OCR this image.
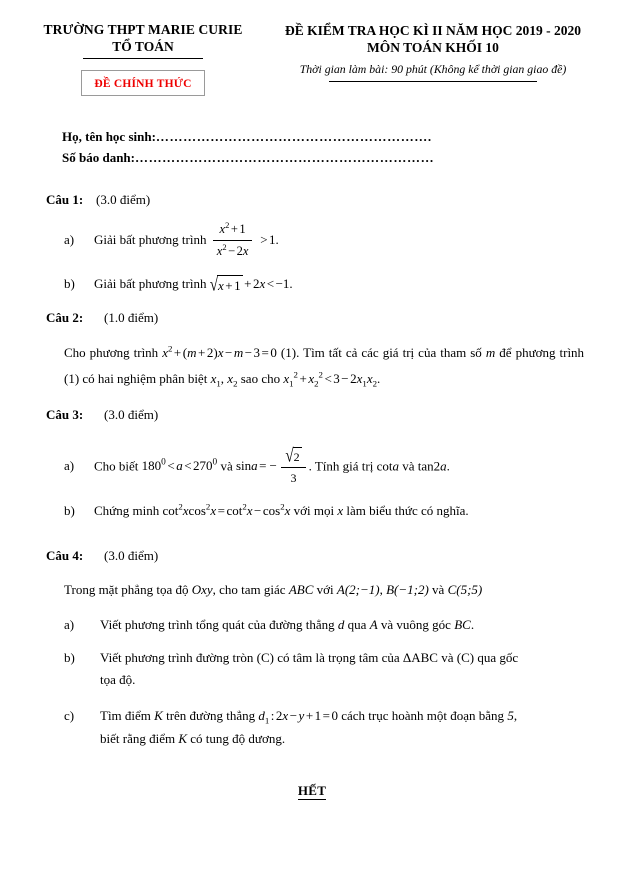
TRƯỜNG THPT MARIE CURIE
TỔ TOÁN
ĐỀ CHÍNH THỨC
ĐỀ KIỂM TRA HỌC KÌ II NĂM HỌC 2019 - 2020
MÔN TOÁN KHỐI 10
Thời gian làm bài: 90 phút (Không kể thời gian giao đề)
Họ, tên học sinh:…………………………………………………….
Số báo danh:…………………………………………………………
Câu 1: (3.0 điểm)
a)	Giải bất phương trình $\frac{x^2 + 1}{x^2 - 2x} > 1$.
b)	Giải bất phương trình √x + 1 + 2x < −1.
Câu 2:	(1.0 điểm)
Cho phương trình $x^2 + (m + 2)x - m - 3 = 0$ (1). Tìm tất cả các giá trị của tham số m để phương trình (1) có hai nghiệm phân biệt $x_1$, $x_2$ sao cho $x_1^2 + x_2^2 < 3 - 2x_1x_2$.
Câu 3:	(3.0 điểm)
a)	Cho biết $180^0 < a < 270^0$ và sina = − $\frac{√2}{3}$ . Tính giá trị cota và tan2a.
b)	Chứng minh $\cot^2xcos^2x = \cot^2x - \cos^2x$ với mọi x làm biểu thức có nghĩa.
Câu 4:	(3.0 điểm)
Trong mặt phẳng tọa độ Oxy, cho tam giác ABC với A(2;−1), B(−1;2) và C(5;5)
a)	Viết phương trình tổng quát của đường thẳng d qua A và vuông góc BC.
b)	Viết phương trình đường tròn (C) có tâm là trọng tâm của ΔABC và (C) qua gốc
tọa độ.
c)	Tìm điểm K trên đường thẳng $d_1$ : 2x − y + 1 = 0 cách trục hoành một đoạn bằng 5,
biết rằng điểm K có tung độ dương.
HẾT
